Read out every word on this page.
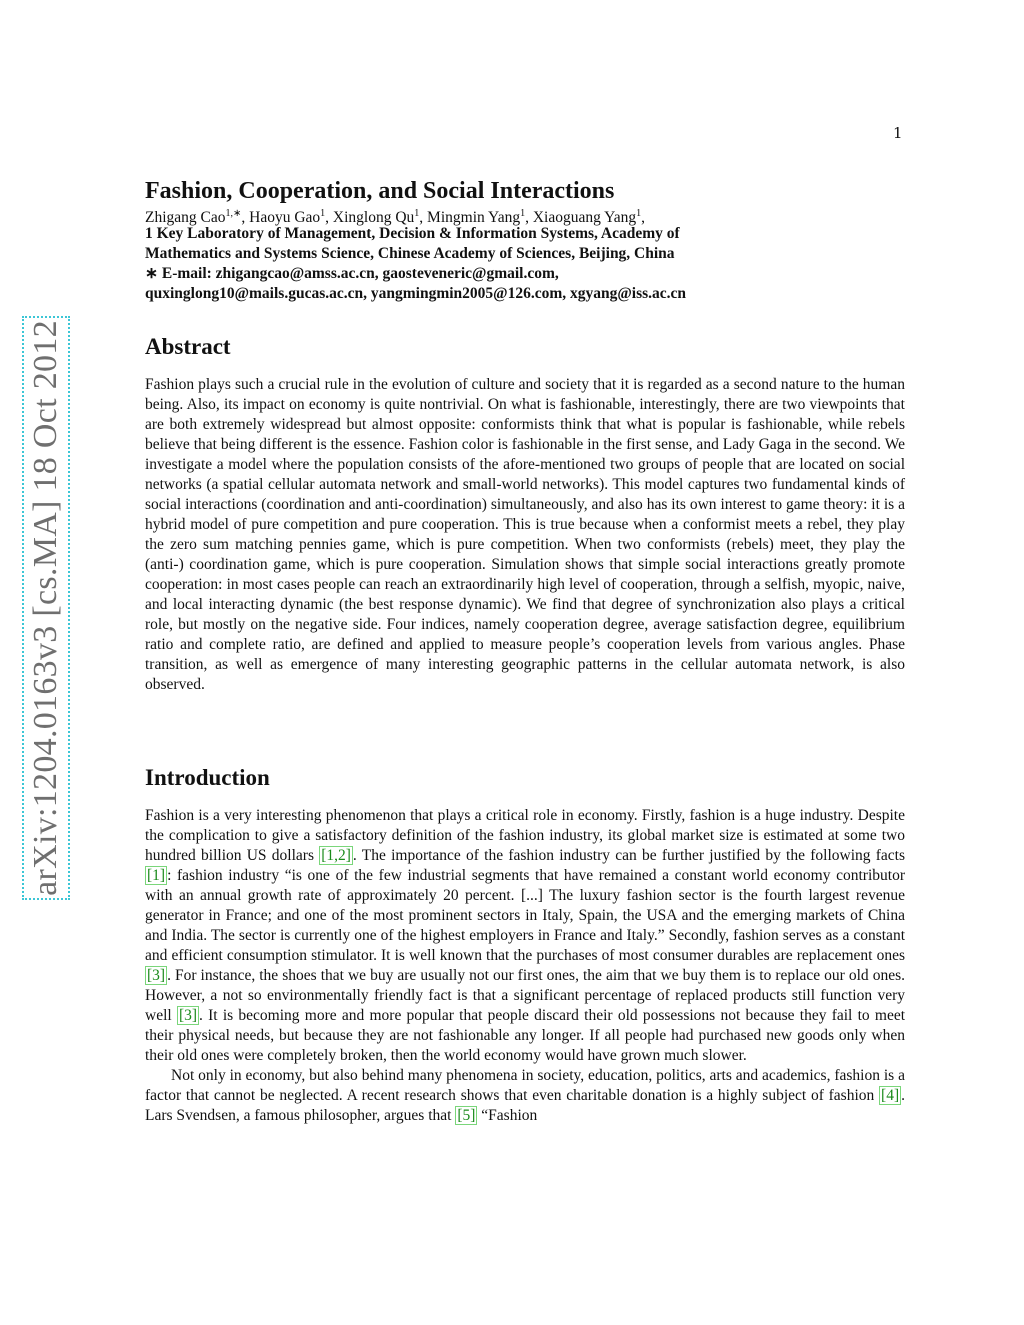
1
arXiv:1204.0163v3 [cs.MA] 18 Oct 2012
Fashion, Cooperation, and Social Interactions
Zhigang Cao$^{1,∗}$, Haoyu Gao$^1$, Xinglong Qu$^1$, Mingmin Yang$^1$, Xiaoguang Yang$^1$,
1 Key Laboratory of Management, Decision & Information Systems, Academy of
Mathematics and Systems Science, Chinese Academy of Sciences, Beijing, China
∗ E-mail: zhigangcao@amss.ac.cn, gaosteveneric@gmail.com,
quxinglong10@mails.gucas.ac.cn, yangmingmin2005@126.com, xgyang@iss.ac.cn
Abstract

Fashion plays such a crucial rule in the evolution of culture and society that it is regarded as a second nature to the human being. Also, its impact on economy is quite nontrivial. On what is fashionable, interestingly, there are two viewpoints that are both extremely widespread but almost opposite: conformists think that what is popular is fashionable, while rebels believe that being different is the essence. Fashion color is fashionable in the first sense, and Lady Gaga in the second. We investigate a model where the population consists of the afore-mentioned two groups of people that are located on social networks (a spatial cellular automata network and small-world networks). This model captures two fundamental kinds of social interactions (coordination and anti-coordination) simultaneously, and also has its own interest to game theory: it is a hybrid model of pure competition and pure cooperation. This is true because when a conformist meets a rebel, they play the zero sum matching pennies game, which is pure competition. When two conformists (rebels) meet, they play the (anti-) coordination game, which is pure cooperation. Simulation shows that simple social interactions greatly promote cooperation: in most cases people can reach an extraordinarily high level of cooperation, through a selfish, myopic, naive, and local interacting dynamic (the best response dynamic). We find that degree of synchronization also plays a critical role, but mostly on the negative side. Four indices, namely cooperation degree, average satisfaction degree, equilibrium ratio and complete ratio, are defined and applied to measure people’s cooperation levels from various angles. Phase transition, as well as emergence of many interesting geographic patterns in the cellular automata network, is also observed.

Introduction

Fashion is a very interesting phenomenon that plays a critical role in economy. Firstly, fashion is a huge industry. Despite the complication to give a satisfactory definition of the fashion industry, its global market size is estimated at some two hundred billion US dollars [1,2] . The importance of the fashion industry can be further justified by the following facts [1] : fashion industry “is one of the few industrial segments that have remained a constant world economy contributor with an annual growth rate of approximately 20 percent. [...] The luxury fashion sector is the fourth largest revenue generator in France; and one of the most prominent sectors in Italy, Spain, the USA and the emerging markets of China and India. The sector is currently one of the highest employers in France and Italy.” Secondly, fashion serves as a constant and efficient consumption stimulator. It is well known that the purchases of most consumer durables are replacement ones [3] . For instance, the shoes that we buy are usually not our first ones, the aim that we buy them is to replace our old ones. However, a not so environmentally friendly fact is that a significant percentage of replaced products still function very well [3] . It is becoming more and more popular that people discard their old possessions not because they fail to meet their physical needs, but because they are not fashionable any longer. If all people had purchased new goods only when their old ones were completely broken, then the world economy would have grown much slower.

Not only in economy, but also behind many phenomena in society, education, politics, arts and academics, fashion is a factor that cannot be neglected. A recent research shows that even charitable donation is a highly subject of fashion [4] . Lars Svendsen, a famous philosopher, argues that [5] “Fashion
